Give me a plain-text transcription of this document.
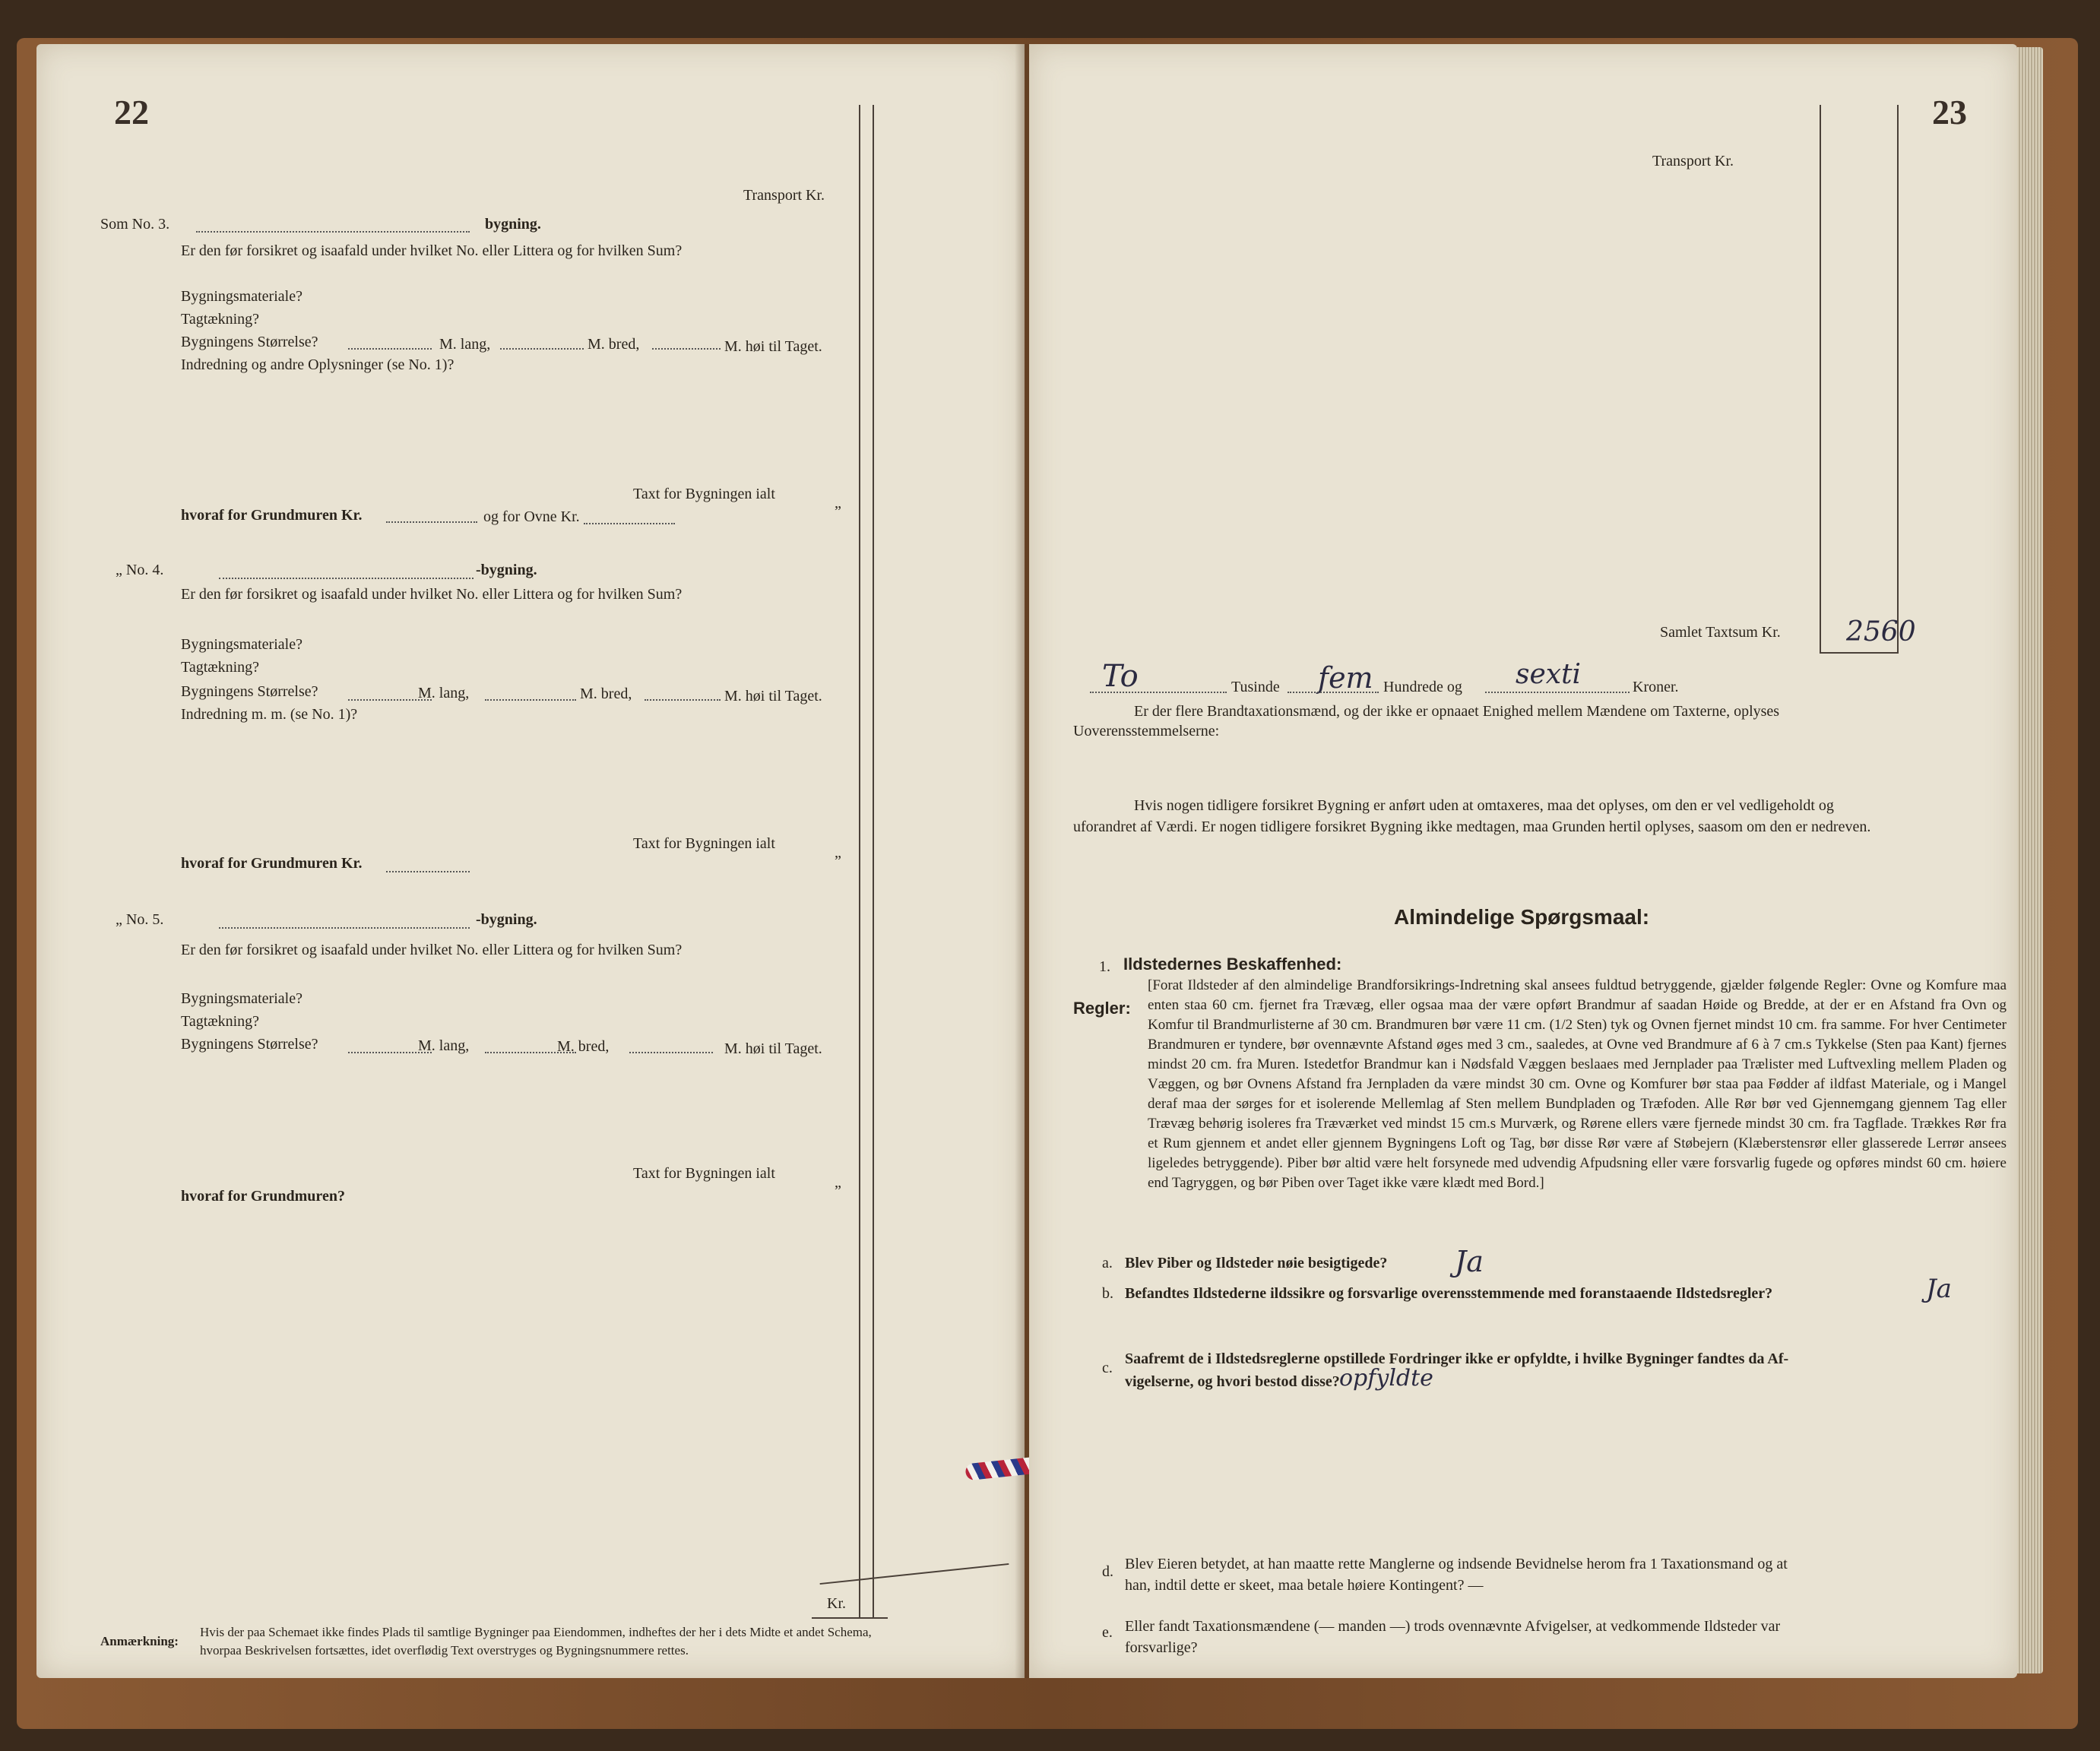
22
Transport Kr.
Som No. 3.	bygning.
Er den før forsikret og isaafald under hvilket No. eller Littera og for hvilken Sum?
Bygningsmateriale?
Tagtækning?
Bygningens Størrelse?	M. lang,	M. bred,	M. høi til Taget.
Indredning og andre Oplysninger (se No. 1)?
Taxt for Bygningen ialt
„
hvoraf for Grundmuren Kr.	og for Ovne Kr.
„ No. 4.	-bygning.
Er den før forsikret og isaafald under hvilket No. eller Littera og for hvilken Sum?
Bygningsmateriale?
Tagtækning?
Bygningens Størrelse?	M. lang,	M. bred,	M. høi til Taget.
Indredning m. m. (se No. 1)?
Taxt for Bygningen ialt
„
hvoraf for Grundmuren Kr.
„ No. 5.	-bygning.
Er den før forsikret og isaafald under hvilket No. eller Littera og for hvilken Sum?
Bygningsmateriale?
Tagtækning?
Bygningens Størrelse?	M. lang,	M. bred,	M. høi til Taget.
Taxt for Bygningen ialt
„
hvoraf for Grundmuren?
Kr.
Anmærkning:
Hvis der paa Schemaet ikke findes Plads til samtlige Bygninger paa Eiendommen, indheftes der her i dets Midte et andet Schema,
hvorpaa Beskrivelsen fortsættes, idet overflødig Text overstryges og Bygningsnummere rettes.
23
Transport Kr.
Samlet Taxtsum Kr. 2560
To	Tusinde fem Hundrede og sexti	Kroner.
Er der flere Brandtaxationsmænd, og der ikke er opnaaet Enighed mellem Mændene om Taxterne, oplyses
Uoverensstemmelserne:
Hvis nogen tidligere forsikret Bygning er anført uden at omtaxeres, maa det oplyses, om den er vel vedligeholdt og
uforandret af Værdi. Er nogen tidligere forsikret Bygning ikke medtagen, maa Grunden hertil oplyses, saasom om den er nedreven.
Almindelige Spørgsmaal:
1. Ildstedernes Beskaffenhed:
Regler:
[Forat Ildsteder af den almindelige Brandforsikrings-Indretning skal ansees fuldtud betryggende, gjælder følgende Regler: Ovne og Komfure maa enten staa 60 cm. fjernet fra Trævæg, eller ogsaa maa der være opført Brandmur af saadan Høide og Bredde, at der er en Afstand fra Ovn og Komfur til Brandmurlisterne af 30 cm. Brandmuren bør være 11 cm. (1/2 Sten) tyk og Ovnen fjernet mindst 10 cm. fra samme. For hver Centimeter Brandmuren er tyndere, bør ovennævnte Afstand øges med 3 cm., saaledes, at Ovne ved Brandmure af 6 à 7 cm.s Tykkelse (Sten paa Kant) fjernes mindst 20 cm. fra Muren. Istedetfor Brandmur kan i Nødsfald Væggen beslaaes med Jernplader paa Trælister med Luftvexling mellem Pladen og Væggen, og bør Ovnens Afstand fra Jernpladen da være mindst 30 cm. Ovne og Komfurer bør staa paa Fødder af ildfast Materiale, og i Mangel deraf maa der sørges for et isolerende Mellemlag af Sten mellem Bundpladen og Træfoden. Alle Rør bør ved Gjennemgang gjennem Tag eller Trævæg behørig isoleres fra Træværket ved mindst 15 cm.s Murværk, og Rørene ellers være fjernede mindst 30 cm. fra Tagflade. Trækkes Rør fra et Rum gjennem et andet eller gjennem Bygningens Loft og Tag, bør disse Rør være af Støbejern (Klæberstensrør eller glasserede Lerrør ansees ligeledes betryggende). Piber bør altid være helt forsynede med udvendig Afpudsning eller være forsvarlig fugede og opføres mindst 60 cm. høiere end Tagryggen, og bør Piben over Taget ikke være klædt med Bord.]
a. Blev Piber og Ildsteder nøie besigtigede? Ja
b. Befandtes Ildstederne ildssikre og forsvarlige overensstemmende med foranstaaende Ildstedsregler?	Ja
c.
Saafremt de i Ildstedsreglerne opstillede Fordringer ikke er opfyldte, i hvilke Bygninger fandtes da Af-
vigelserne, og hvori bestod disse? opfyldte
d. Blev Eieren betydet, at han maatte rette Manglerne og indsende Bevidnelse herom fra 1 Taxationsmand og at
han, indtil dette er skeet, maa betale høiere Kontingent? —
e. Eller fandt Taxationsmændene (— manden —) trods ovennævnte Afvigelser, at vedkommende Ildsteder var
forsvarlige?
